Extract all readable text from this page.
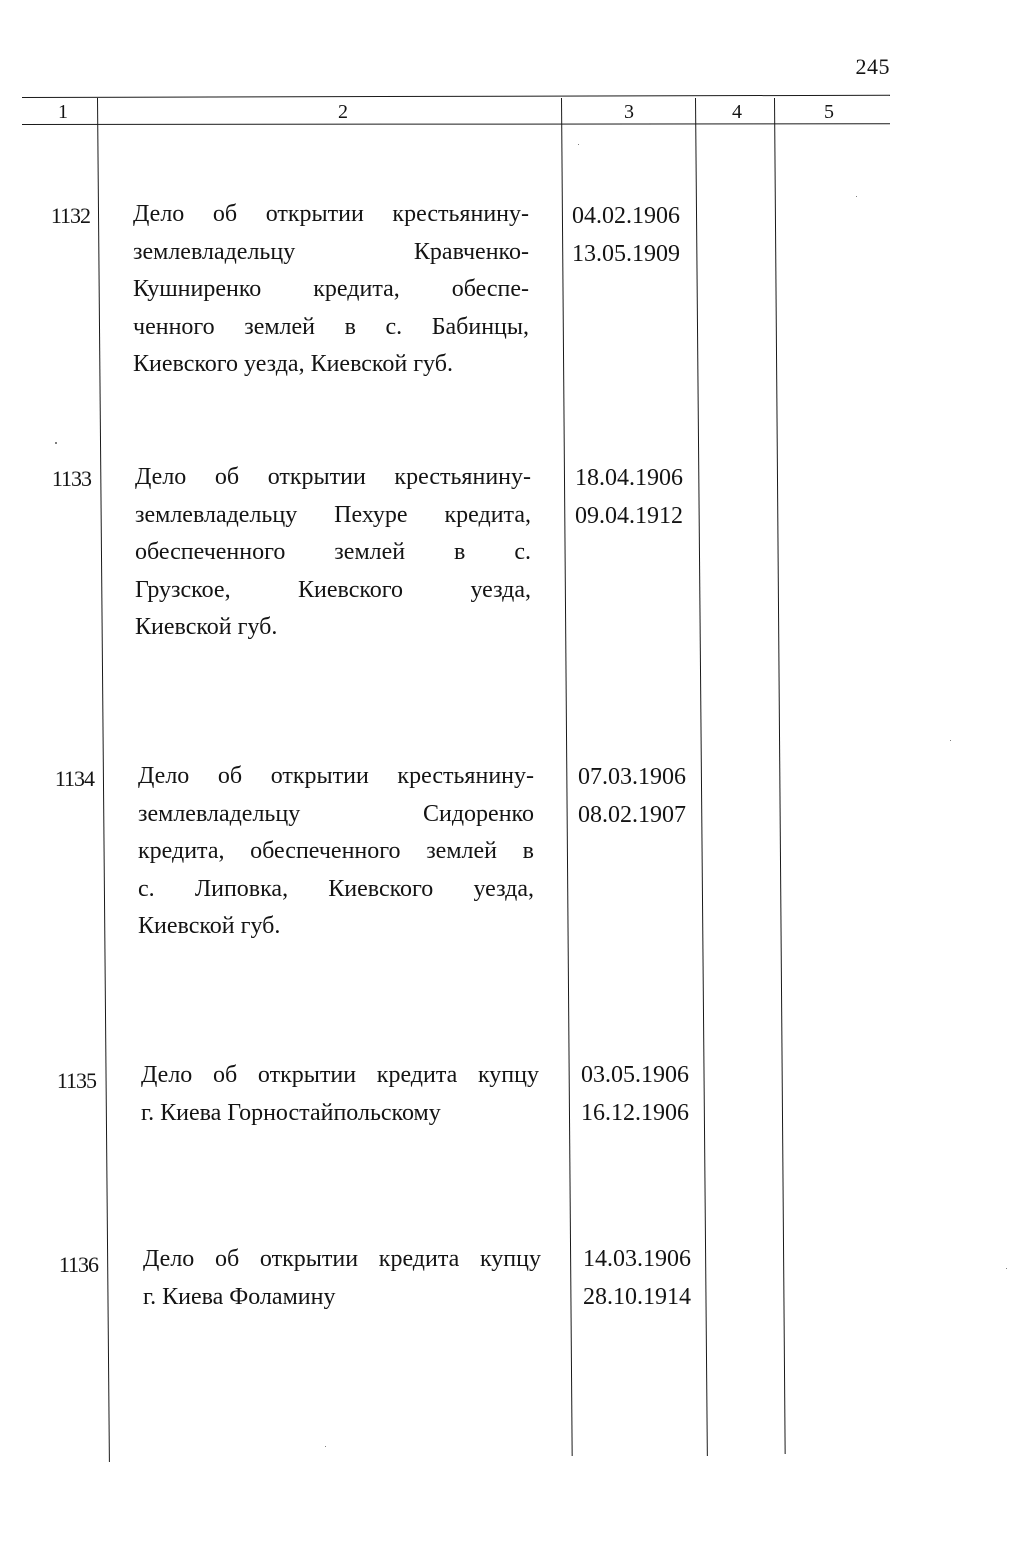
245
1	2	3	4	5
1132 Дело об открытии крестьянину-
землевладельцу Кравченко-
Кушниренко кредита, обеспе-
ченного землей в с. Бабинцы,
Киевского уезда, Киевской губ.
04.02.1906
13.05.1909
1133 Дело об открытии крестьянину-
землевладельцу Пехуре кредита,
обеспеченного землей в с.
Грузское, Киевского уезда,
Киевской губ.
18.04.1906
09.04.1912
1134 Дело об открытии крестьянину-
землевладельцу Сидоренко
кредита, обеспеченного землей в
с. Липовка, Киевского уезда,
Киевской губ.
07.03.1906
08.02.1907
1135 Дело об открытии кредита купцу
г. Киева Горностайпольскому
03.05.1906
16.12.1906
1136 Дело об открытии кредита купцу
г. Киева Фоламину
14.03.1906
28.10.1914
